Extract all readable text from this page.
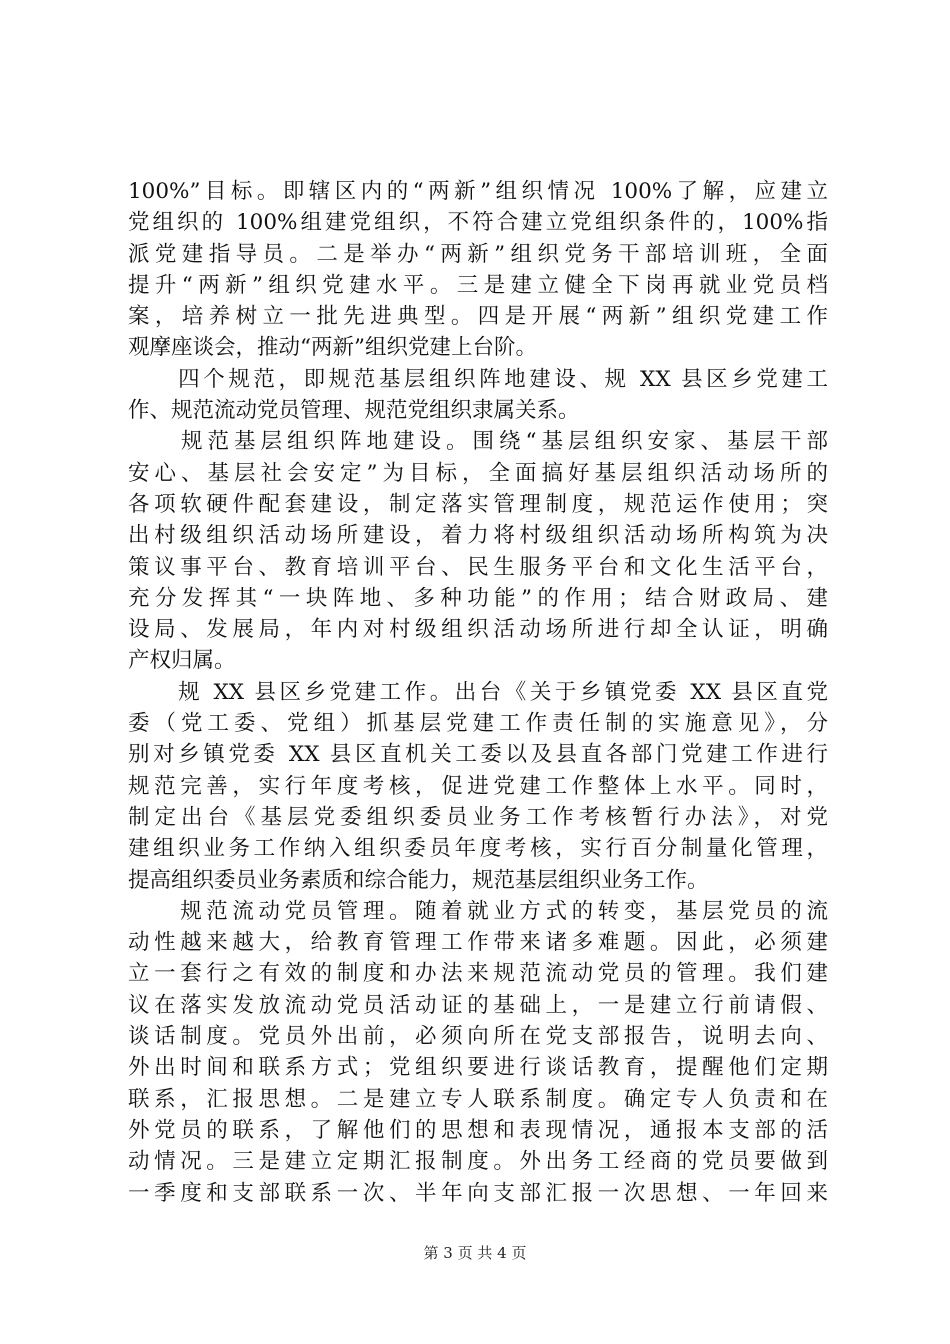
100%”目标。即辖区内的“两新”组织情况 100%了解，应建立
党组织的 100%组建党组织，不符合建立党组织条件的，100%指
派党建指导员。二是举办“两新”组织党务干部培训班，全面
提升“两新”组织党建水平。三是建立健全下岗再就业党员档
案，培养树立一批先进典型。四是开展“两新”组织党建工作
观摩座谈会，推动“两新”组织党建上台阶。
　　四个规范，即规范基层组织阵地建设、规 XX 县区乡党建工
作、规范流动党员管理、规范党组织隶属关系。
　　规范基层组织阵地建设。围绕“基层组织安家、基层干部
安心、基层社会安定”为目标，全面搞好基层组织活动场所的
各项软硬件配套建设，制定落实管理制度，规范运作使用；突
出村级组织活动场所建设，着力将村级组织活动场所构筑为决
策议事平台、教育培训平台、民生服务平台和文化生活平台，
充分发挥其“一块阵地、多种功能”的作用；结合财政局、建
设局、发展局，年内对村级组织活动场所进行却全认证，明确
产权归属。
　　规 XX 县区乡党建工作。出台《关于乡镇党委 XX 县区直党
委（党工委、党组）抓基层党建工作责任制的实施意见》，分
别对乡镇党委 XX 县区直机关工委以及县直各部门党建工作进行
规范完善，实行年度考核，促进党建工作整体上水平。同时，
制定出台《基层党委组织委员业务工作考核暂行办法》，对党
建组织业务工作纳入组织委员年度考核，实行百分制量化管理，
提高组织委员业务素质和综合能力，规范基层组织业务工作。
　　规范流动党员管理。随着就业方式的转变，基层党员的流
动性越来越大，给教育管理工作带来诸多难题。因此，必须建
立一套行之有效的制度和办法来规范流动党员的管理。我们建
议在落实发放流动党员活动证的基础上，一是建立行前请假、
谈话制度。党员外出前，必须向所在党支部报告，说明去向、
外出时间和联系方式；党组织要进行谈话教育，提醒他们定期
联系，汇报思想。二是建立专人联系制度。确定专人负责和在
外党员的联系，了解他们的思想和表现情况，通报本支部的活
动情况。三是建立定期汇报制度。外出务工经商的党员要做到
一季度和支部联系一次、半年向支部汇报一次思想、一年回来
第 3 页 共 4 页
